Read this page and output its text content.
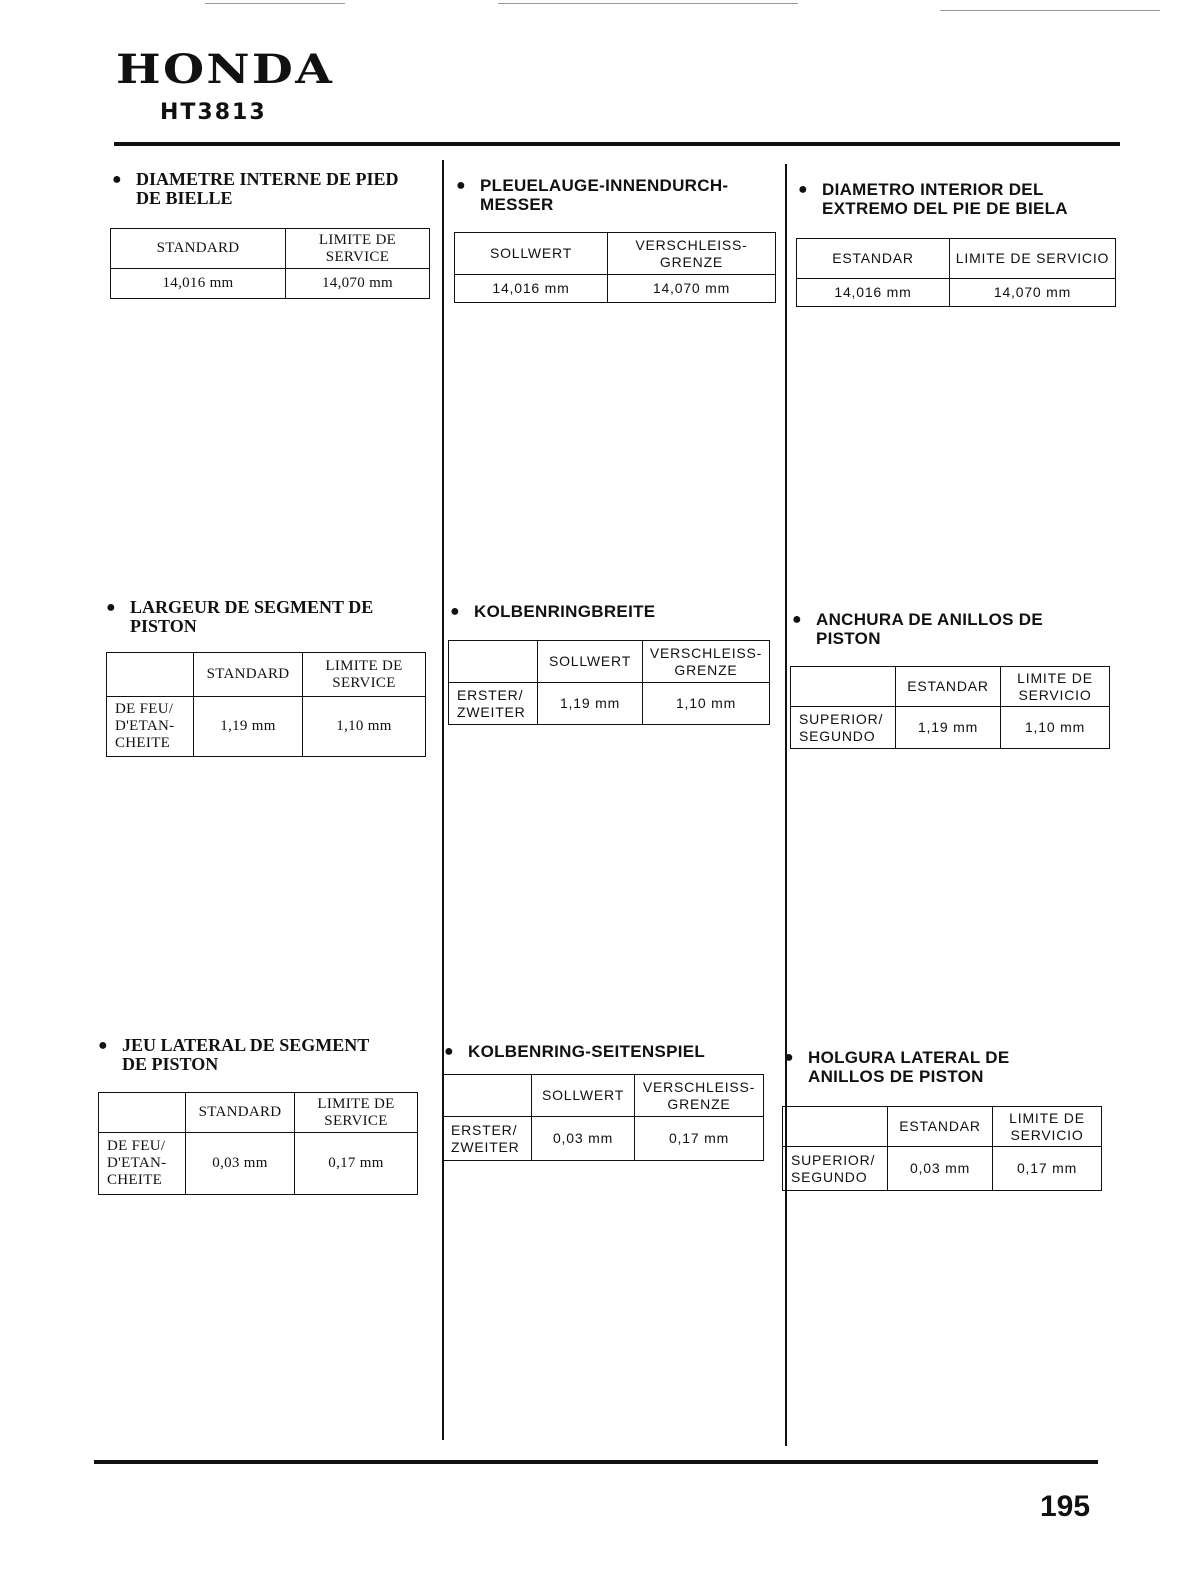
HONDA
HT3813
● DIAMETRE INTERNE DE PIED
DE BIELLE
STANDARD	LIMITE DE SERVICE
14,016 mm	14,070 mm
● LARGEUR DE SEGMENT DE
PISTON
	STANDARD	LIMITE DE SERVICE
DE FEU/ D'ETAN-CHEITE	1,19 mm	1,10 mm
● JEU LATERAL DE SEGMENT
DE PISTON
	STANDARD	LIMITE DE SERVICE
DE FEU/ D'ETAN-CHEITE	0,03 mm	0,17 mm
● PLEUELAUGE-INNENDURCH-
MESSER
SOLLWERT	VERSCHLEISS-GRENZE
14,016 mm	14,070 mm
● KOLBENRINGBREITE
	SOLLWERT	VERSCHLEISS-GRENZE
ERSTER/ ZWEITER	1,19 mm	1,10 mm
● KOLBENRING-SEITENSPIEL
	SOLLWERT	VERSCHLEISS-GRENZE
ERSTER/ ZWEITER	0,03 mm	0,17 mm
● DIAMETRO INTERIOR DEL
EXTREMO DEL PIE DE BIELA
ESTANDAR	LIMITE DE SERVICIO
14,016 mm	14,070 mm
● ANCHURA DE ANILLOS DE
PISTON
	ESTANDAR	LIMITE DE SERVICIO
SUPERIOR/ SEGUNDO	1,19 mm	1,10 mm
● HOLGURA LATERAL DE
ANILLOS DE PISTON
	ESTANDAR	LIMITE DE SERVICIO
SUPERIOR/ SEGUNDO	0,03 mm	0,17 mm
195
